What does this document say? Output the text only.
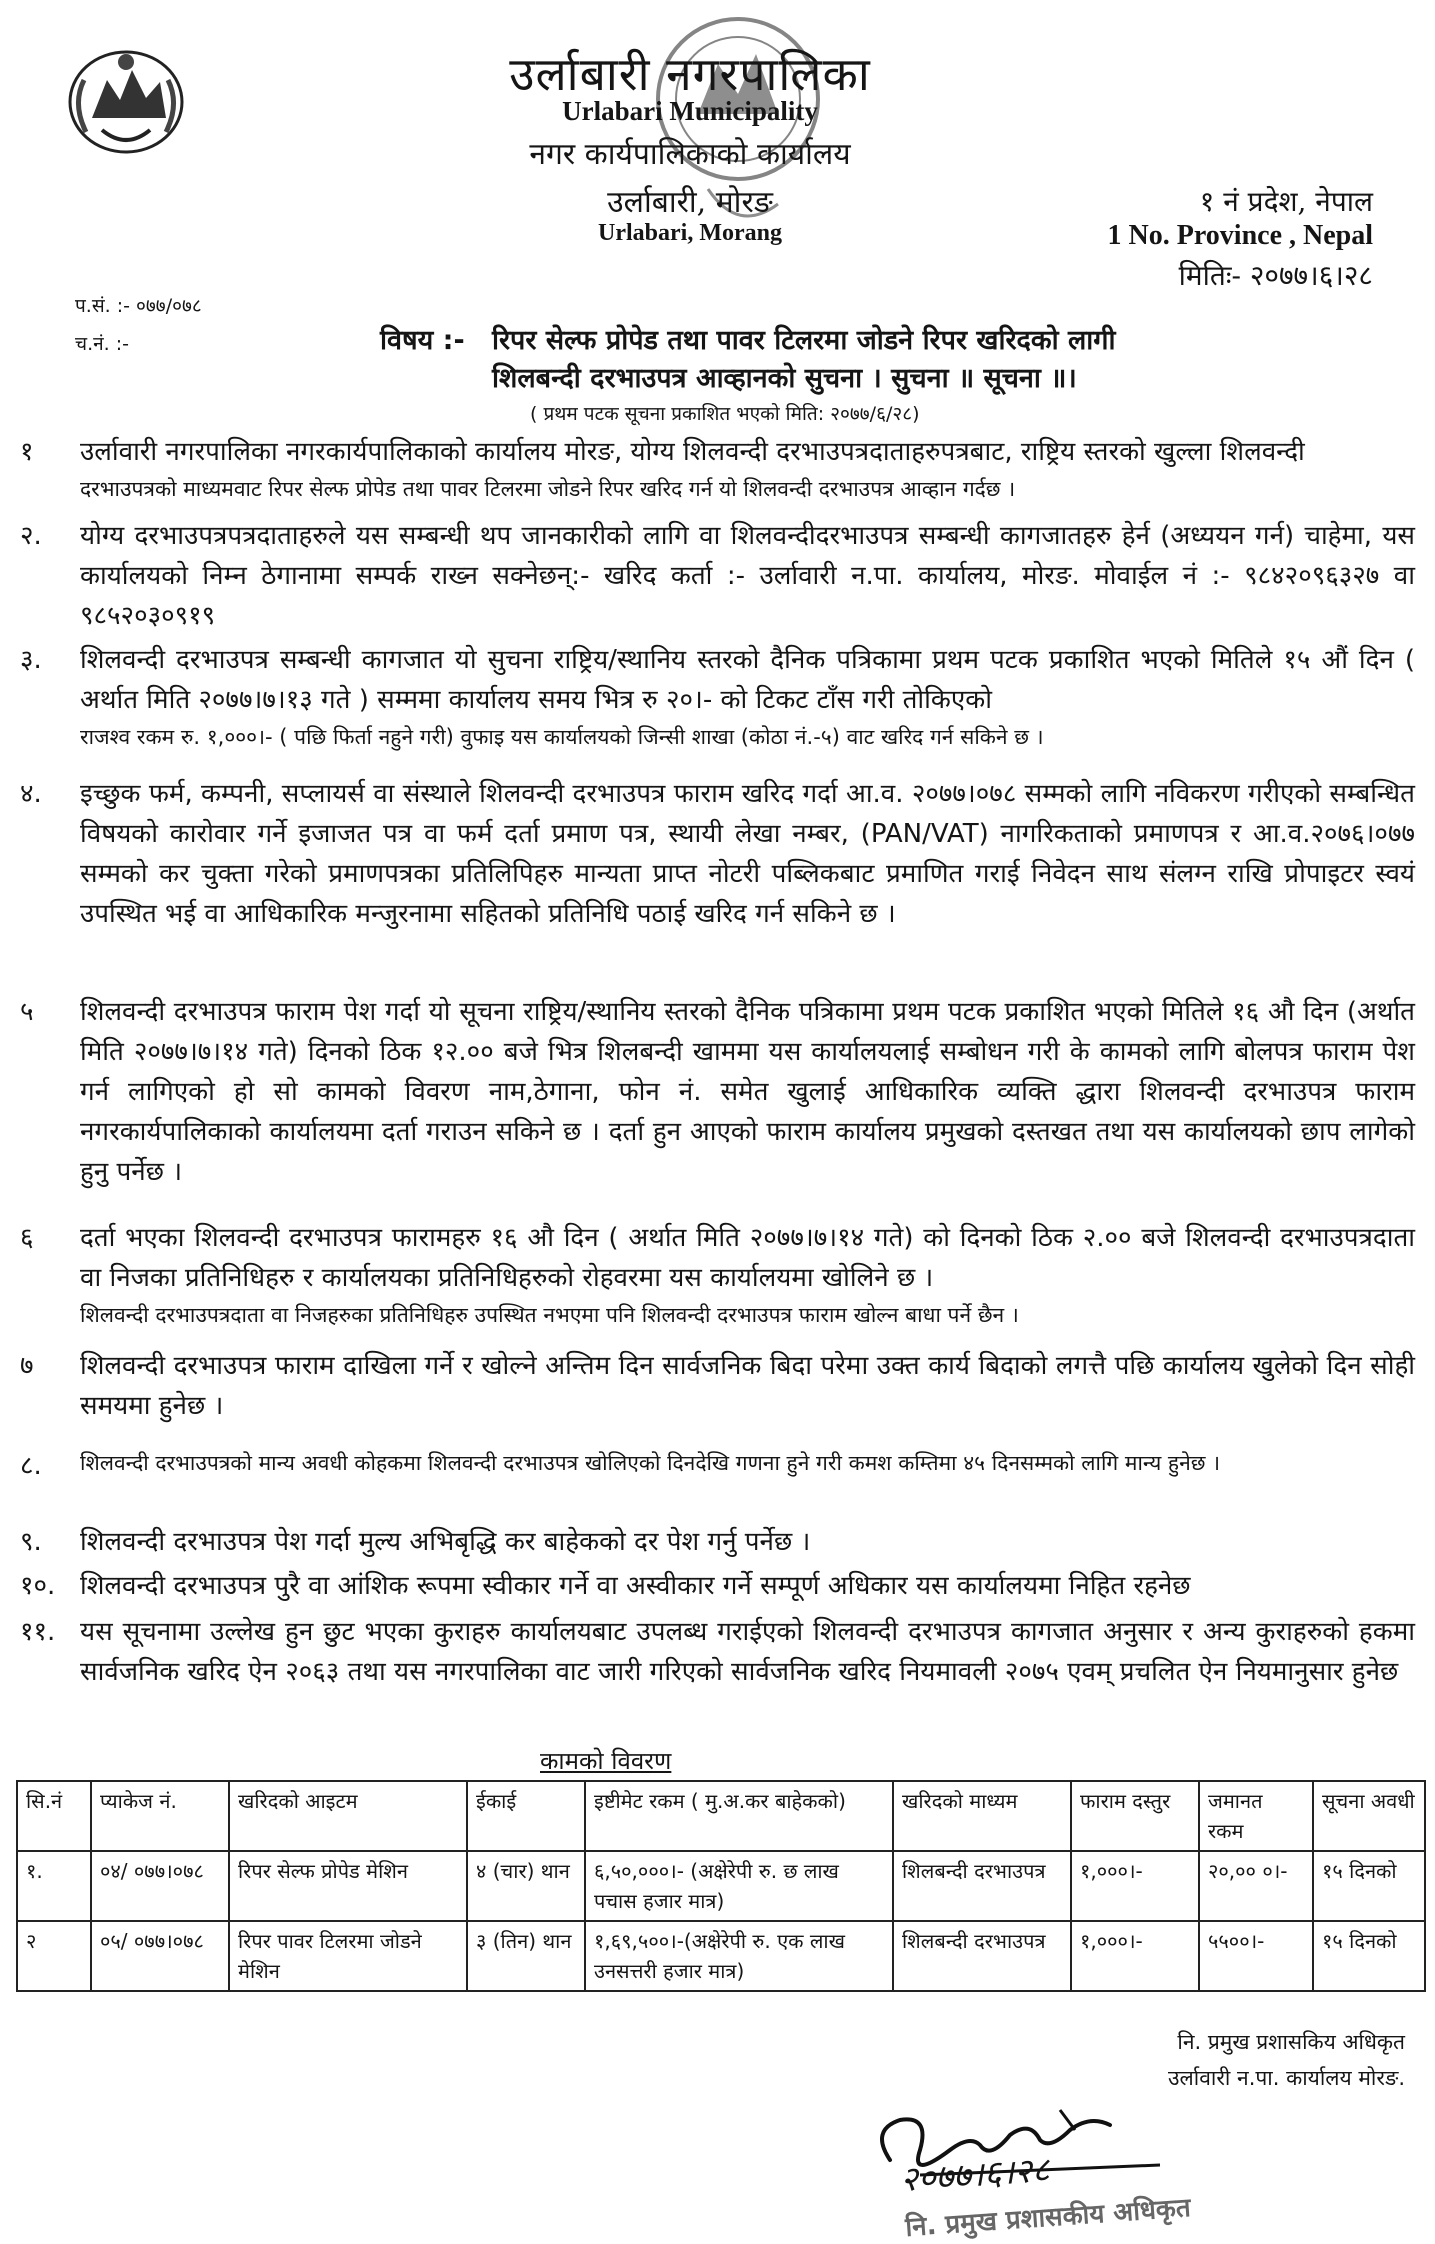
उर्लाबारी नगरपालिका
Urlabari Municipality
नगर कार्यपालिकाको कार्यालय
उर्लाबारी, मोरङ
Urlabari, Morang
१ नं प्रदेश, नेपाल
1 No. Province , Nepal
मितिः- २०७७।६।२८
प.सं. :- ०७७/०७८
च.नं. :-	विषय :- रिपर सेल्फ प्रोपेड तथा पावर टिलरमा जोडने रिपर खरिदको लागी
शिलबन्दी दरभाउपत्र आव्हानको सुचना । सुचना ॥ सूचना ॥।
( प्रथम पटक सूचना प्रकाशित भएको मिति: २०७७/६/२८)
१	उर्लावारी नगरपालिका नगरकार्यपालिकाको कार्यालय मोरङ, योग्य शिलवन्दी दरभाउपत्रदाताहरुपत्रबाट, राष्ट्रिय स्तरको खुल्ला शिलवन्दी
दरभाउपत्रको माध्यमवाट रिपर सेल्फ प्रोपेड तथा पावर टिलरमा जोडने रिपर खरिद गर्न यो शिलवन्दी दरभाउपत्र आव्हान गर्दछ ।
२.	योग्य दरभाउपत्रपत्रदाताहरुले यस सम्बन्धी थप जानकारीको लागि वा शिलवन्दीदरभाउपत्र सम्बन्धी कागजातहरु हेर्न (अध्ययन गर्न) चाहेमा, यस कार्यालयको निम्न ठेगानामा सम्पर्क राख्न सक्नेछन्:- खरिद कर्ता :- उर्लावारी न.पा. कार्यालय, मोरङ. मोवाईल नं :- ९८४२०९६३२७ वा ९८५२०३०९१९
३.	शिलवन्दी दरभाउपत्र सम्बन्धी कागजात यो सुचना राष्ट्रिय/स्थानिय स्तरको दैनिक पत्रिकामा प्रथम पटक प्रकाशित भएको मितिले १५ औं दिन ( अर्थात मिति २०७७।७।१३ गते ) सम्ममा कार्यालय समय भित्र रु २०।- को टिकट टाँस गरी तोकिएको
राजश्व रकम रु. १,०००।- ( पछि फिर्ता नहुने गरी) वुफाइ यस कार्यालयको जिन्सी शाखा (कोठा नं.-५) वाट खरिद गर्न सकिने छ ।
४.	इच्छुक फर्म, कम्पनी, सप्लायर्स वा संस्थाले शिलवन्दी दरभाउपत्र फाराम खरिद गर्दा आ.व. २०७७।०७८ सम्मको लागि नविकरण गरीएको सम्बन्धित विषयको कारोवार गर्ने इजाजत पत्र वा फर्म दर्ता प्रमाण पत्र, स्थायी लेखा नम्बर, (PAN/VAT) नागरिकताको प्रमाणपत्र र आ.व.२०७६।०७७ सम्मको कर चुक्ता गरेको प्रमाणपत्रका प्रतिलिपिहरु मान्यता प्राप्त नोटरी पब्लिकबाट प्रमाणित गराई निवेदन साथ संलग्न राखि प्रोपाइटर स्वयं उपस्थित भई वा आधिकारिक मन्जुरनामा सहितको प्रतिनिधि पठाई खरिद गर्न सकिने छ ।
५	शिलवन्दी दरभाउपत्र फाराम पेश गर्दा यो सूचना राष्ट्रिय/स्थानिय स्तरको दैनिक पत्रिकामा प्रथम पटक प्रकाशित भएको मितिले १६ औ दिन (अर्थात मिति २०७७।७।१४ गते) दिनको ठिक १२.०० बजे भित्र शिलबन्दी खाममा यस कार्यालयलाई सम्बोधन गरी के कामको लागि बोलपत्र फाराम पेश गर्न लागिएको हो सो कामको विवरण नाम,ठेगाना, फोन नं. समेत खुलाई आधिकारिक व्यक्ति द्धारा शिलवन्दी दरभाउपत्र फाराम नगरकार्यपालिकाको कार्यालयमा दर्ता गराउन सकिने छ । दर्ता हुन आएको फाराम कार्यालय प्रमुखको दस्तखत तथा यस कार्यालयको छाप लागेको हुनु पर्नेछ ।
६	दर्ता भएका शिलवन्दी दरभाउपत्र फारामहरु १६ औ दिन ( अर्थात मिति २०७७।७।१४ गते) को दिनको ठिक २.०० बजे शिलवन्दी दरभाउपत्रदाता वा निजका प्रतिनिधिहरु र कार्यालयका प्रतिनिधिहरुको रोहवरमा यस कार्यालयमा खोलिने छ ।
शिलवन्दी दरभाउपत्रदाता वा निजहरुका प्रतिनिधिहरु उपस्थित नभएमा पनि शिलवन्दी दरभाउपत्र फाराम खोल्न बाधा पर्ने छैन ।
७	शिलवन्दी दरभाउपत्र फाराम दाखिला गर्ने र खोल्ने अन्तिम दिन सार्वजनिक बिदा परेमा उक्त कार्य बिदाको लगत्तै पछि कार्यालय खुलेको दिन सोही समयमा हुनेछ ।
८.	शिलवन्दी दरभाउपत्रको मान्य अवधी कोहकमा शिलवन्दी दरभाउपत्र खोलिएको दिनदेखि गणना हुने गरी कमश कम्तिमा ४५ दिनसम्मको लागि मान्य हुनेछ ।
९.	शिलवन्दी दरभाउपत्र पेश गर्दा मुल्य अभिबृद्धि कर बाहेकको दर पेश गर्नु पर्नेछ ।
१०. शिलवन्दी दरभाउपत्र पुरै वा आंशिक रूपमा स्वीकार गर्ने वा अस्वीकार गर्ने सम्पूर्ण अधिकार यस कार्यालयमा निहित रहनेछ
११. यस सूचनामा उल्लेख हुन छुट भएका कुराहरु कार्यालयबाट उपलब्ध गराईएको शिलवन्दी दरभाउपत्र कागजात अनुसार र अन्य कुराहरुको हकमा सार्वजनिक खरिद ऐन २०६३ तथा यस नगरपालिका वाट जारी गरिएको सार्वजनिक खरिद नियमावली २०७५ एवम् प्रचलित ऐन नियमानुसार हुनेछ
कामको विवरण
सि.नं	प्याकेज नं.	खरिदको आइटम	ईकाई	इष्टीमेट रकम ( मु.अ.कर बाहेकको)	खरिदको माध्यम	फाराम दस्तुर	जमानत रकम	सूचना अवधी
१.	०४/ ०७७।०७८	रिपर सेल्फ प्रोपेड मेशिन	४ (चार) थान	६,५०,०००।- (अक्षेरेपी रु. छ लाख पचास हजार मात्र)	शिलबन्दी दरभाउपत्र	१,०००।-	२०,०० ०।-	१५ दिनको
२	०५/ ०७७।०७८	रिपर पावर टिलरमा जोडने मेशिन	३ (तिन) थान	१,६९,५००।-(अक्षेरेपी रु. एक लाख उनसत्तरी हजार मात्र)	शिलबन्दी दरभाउपत्र	१,०००।-	५५००।-	१५ दिनको
नि. प्रमुख प्रशासकिय अधिकृत
उर्लावारी न.पा. कार्यालय मोरङ.
२०७७।६।२८
नि. प्रमुख प्रशासकीय अधिकृत
